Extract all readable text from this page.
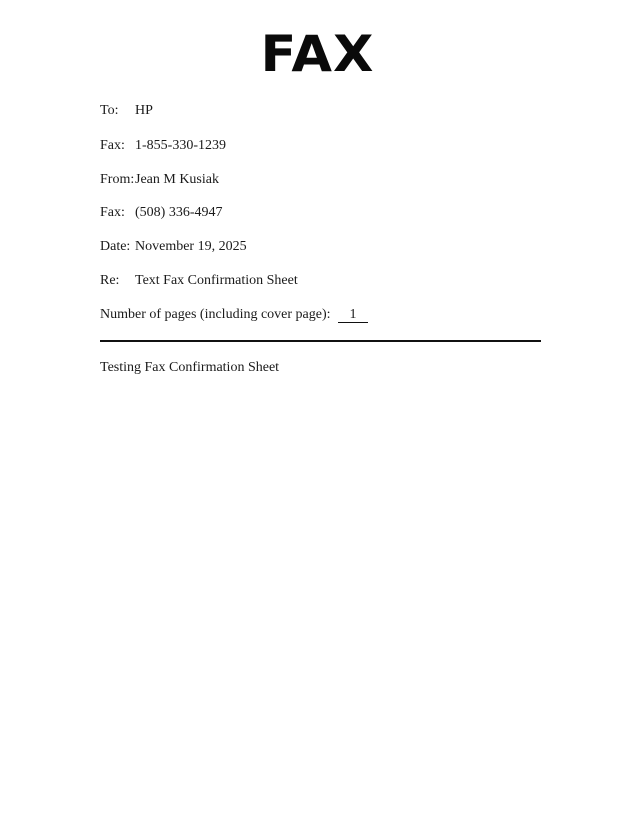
FAX
To: HP
Fax: 1-855-330-1239
From: Jean M Kusiak
Fax: (508) 336-4947
Date: November 19, 2025
Re: Text Fax Confirmation Sheet
Number of pages (including cover page): 1
Testing Fax Confirmation Sheet
